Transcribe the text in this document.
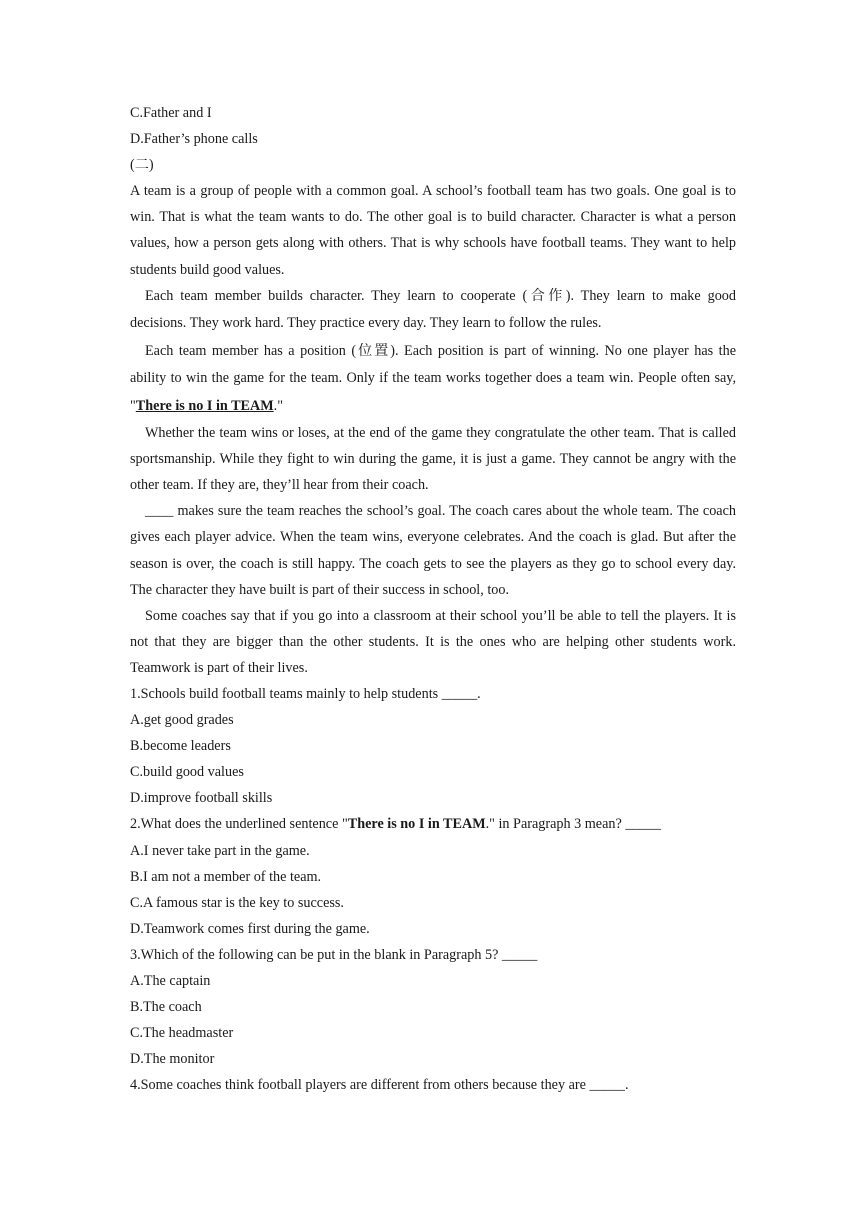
C.Father and I
D.Father’s phone calls
(二)
A team is a group of people with a common goal. A school’s football team has two goals. One goal is to win. That is what the team wants to do. The other goal is to build character. Character is what a person values, how a person gets along with others. That is why schools have football teams. They want to help students build good values.
Each team member builds character. They learn to cooperate (合作). They learn to make good decisions. They work hard. They practice every day. They learn to follow the rules.
Each team member has a position (位置). Each position is part of winning. No one player has the ability to win the game for the team. Only if the team works together does a team win. People often say, "There is no I in TEAM."
Whether the team wins or loses, at the end of the game they congratulate the other team. That is called sportsmanship. While they fight to win during the game, it is just a game. They cannot be angry with the other team. If they are, they’ll hear from their coach.
____ makes sure the team reaches the school’s goal. The coach cares about the whole team. The coach gives each player advice. When the team wins, everyone celebrates. And the coach is glad. But after the season is over, the coach is still happy. The coach gets to see the players as they go to school every day. The character they have built is part of their success in school, too.
Some coaches say that if you go into a classroom at their school you’ll be able to tell the players. It is not that they are bigger than the other students. It is the ones who are helping other students work. Teamwork is part of their lives.
1.Schools build football teams mainly to help students _____.
A.get good grades
B.become leaders
C.build good values
D.improve football skills
2.What does the underlined sentence "There is no I in TEAM." in Paragraph 3 mean? _____
A.I never take part in the game.
B.I am not a member of the team.
C.A famous star is the key to success.
D.Teamwork comes first during the game.
3.Which of the following can be put in the blank in Paragraph 5? _____
A.The captain
B.The coach
C.The headmaster
D.The monitor
4.Some coaches think football players are different from others because they are _____.
